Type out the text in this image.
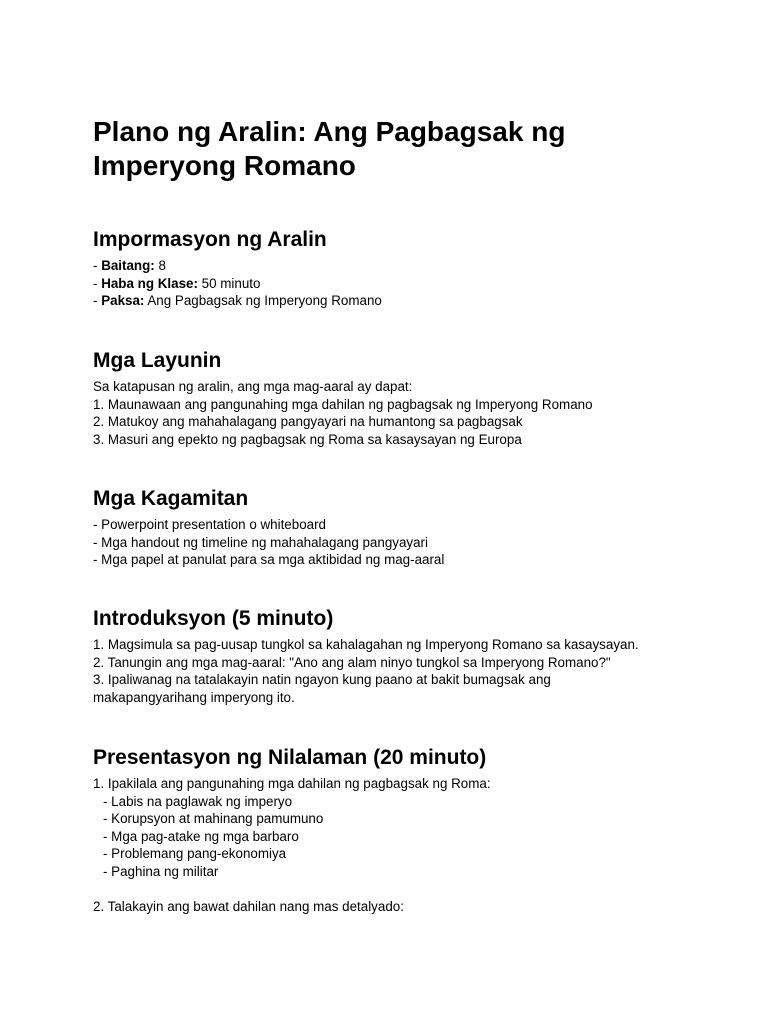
Plano ng Aralin: Ang Pagbagsak ng
Imperyong Romano
Impormasyon ng Aralin
- Baitang: 8
- Haba ng Klase: 50 minuto
- Paksa: Ang Pagbagsak ng Imperyong Romano
Mga Layunin
Sa katapusan ng aralin, ang mga mag-aaral ay dapat:
1. Maunawaan ang pangunahing mga dahilan ng pagbagsak ng Imperyong Romano
2. Matukoy ang mahahalagang pangyayari na humantong sa pagbagsak
3. Masuri ang epekto ng pagbagsak ng Roma sa kasaysayan ng Europa
Mga Kagamitan
- Powerpoint presentation o whiteboard
- Mga handout ng timeline ng mahahalagang pangyayari
- Mga papel at panulat para sa mga aktibidad ng mag-aaral
Introduksyon (5 minuto)
1. Magsimula sa pag-uusap tungkol sa kahalagahan ng Imperyong Romano sa kasaysayan.
2. Tanungin ang mga mag-aaral: "Ano ang alam ninyo tungkol sa Imperyong Romano?"
3. Ipaliwanag na tatalakayin natin ngayon kung paano at bakit bumagsak ang
makapangyarihang imperyong ito.
Presentasyon ng Nilalaman (20 minuto)
1. Ipakilala ang pangunahing mga dahilan ng pagbagsak ng Roma:
- Labis na paglawak ng imperyo
- Korupsyon at mahinang pamumuno
- Mga pag-atake ng mga barbaro
- Problemang pang-ekonomiya
- Paghina ng militar
2. Talakayin ang bawat dahilan nang mas detalyado:
